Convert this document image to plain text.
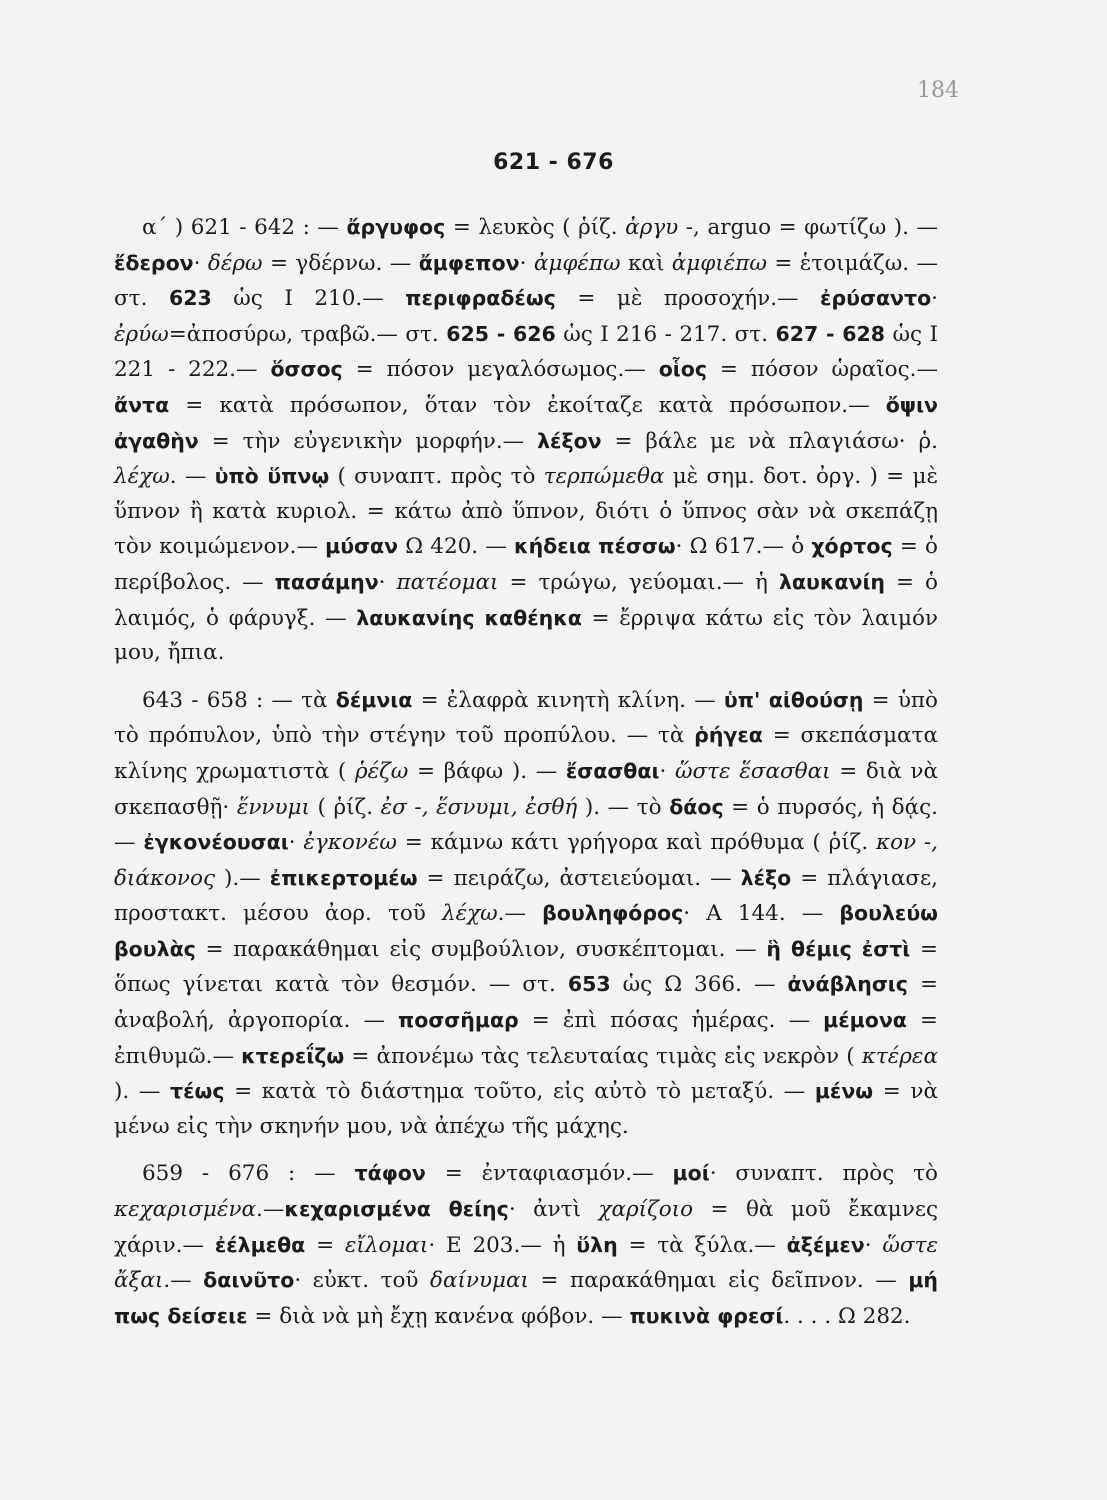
184
621 - 676

α΄ ) 621 - 642 : — ἄργυφος = λευκὸς ( ῥίζ. ἀργυ -, arguo = φωτίζω ). — ἔδερον· δέρω = γδέρνω. — ἄμφεπον· ἀμφέπω καὶ ἀμφιέπω = ἑτοιμάζω. — στ. 623 ὡς Ι 210.— περιφραδέως = μὲ προσοχήν.— ἐρύσαντο· ἐρύω=ἀποσύρω, τραβῶ.— στ. 625 - 626 ὡς Ι 216 - 217. στ. 627 - 628 ὡς Ι 221 - 222.— ὅσσος = πόσον μεγαλόσωμος.— οἷος = πόσον ὡραῖος.— ἄντα = κατὰ πρόσωπον, ὅταν τὸν ἐκοίταζε κατὰ πρόσωπον.— ὄψιν ἀγαθὴν = τὴν εὐγενικὴν μορφήν.— λέξον = βάλε με νὰ πλαγιάσω· ῥ. λέχω. — ὑπὸ ὕπνῳ ( συναπτ. πρὸς τὸ τερπώμεθα μὲ σημ. δοτ. ὀργ. ) = μὲ ὕπνον ἢ κατὰ κυριολ. = κάτω ἀπὸ ὕπνον, διότι ὁ ὕπνος σὰν νὰ σκεπάζῃ τὸν κοιμώμενον.— μύσαν Ω 420. — κήδεια πέσσω· Ω 617.— ὁ χόρτος = ὁ περίβολος. — πασάμην· πατέομαι = τρώγω, γεύομαι.— ἡ λαυκανίη = ὁ λαιμός, ὁ φάρυγξ. — λαυκανίης καθέηκα = ἔρριψα κάτω εἰς τὸν λαιμόν μου, ἤπια.

643 - 658 : — τὰ δέμνια = ἐλαφρὰ κινητὴ κλίνη. — ὑπ' αἰθούσῃ = ὑπὸ τὸ πρόπυλον, ὑπὸ τὴν στέγην τοῦ προπύλου. — τὰ ῥήγεα = σκεπάσματα κλίνης χρωματιστὰ ( ῥέζω = βάφω ). — ἔσασθαι· ὥστε ἕσασθαι = διὰ νὰ σκεπασθῇ· ἕννυμι ( ῥίζ. ἐσ -, ἕσνυμι, ἐσθή ). — τὸ δάος = ὁ πυρσός, ἡ δᾴς.— ἐγκονέουσαι· ἐγκονέω = κάμνω κάτι γρήγορα καὶ πρόθυμα ( ῥίζ. κον -, διάκονος ).— ἐπικερτομέω = πειράζω, ἀστειεύομαι. — λέξο = πλάγιασε, προστακτ. μέσου ἀορ. τοῦ λέχω.— βουληφόρος· Α 144. — βουλεύω βουλὰς = παρακάθημαι εἰς συμβούλιον, συσκέπτομαι. — ἣ θέμις ἐστὶ = ὅπως γίνεται κατὰ τὸν θεσμόν. — στ. 653 ὡς Ω 366. — ἀνάβλησις = ἀναβολή, ἀργοπορία. — ποσσῆμαρ = ἐπὶ πόσας ἡμέρας. — μέμονα = ἐπιθυμῶ.— κτερεΐζω = ἀπονέμω τὰς τελευταίας τιμὰς εἰς νεκρὸν ( κτέρεα ). — τέως = κατὰ τὸ διάστημα τοῦτο, εἰς αὐτὸ τὸ μεταξύ. — μένω = νὰ μένω εἰς τὴν σκηνήν μου, νὰ ἀπέχω τῆς μάχης.

659 - 676 : — τάφον = ἐνταφιασμόν.— μοί· συναπτ. πρὸς τὸ κεχαρισμένα.—κεχαρισμένα θείης· ἀντὶ χαρίζοιο = θὰ μοῦ ἔκαμνες χάριν.— ἐέλμεθα = εἴλομαι· Ε 203.— ἡ ὕλη = τὰ ξύλα.— ἀξέμεν· ὥστε ἄξαι.— δαινῦτο· εὐκτ. τοῦ δαίνυμαι = παρακάθημαι εἰς δεῖπνον. — μή πως δείσειε = διὰ νὰ μὴ ἔχῃ κανένα φόβον. — πυκινὰ φρεσί. . . . Ω 282.
